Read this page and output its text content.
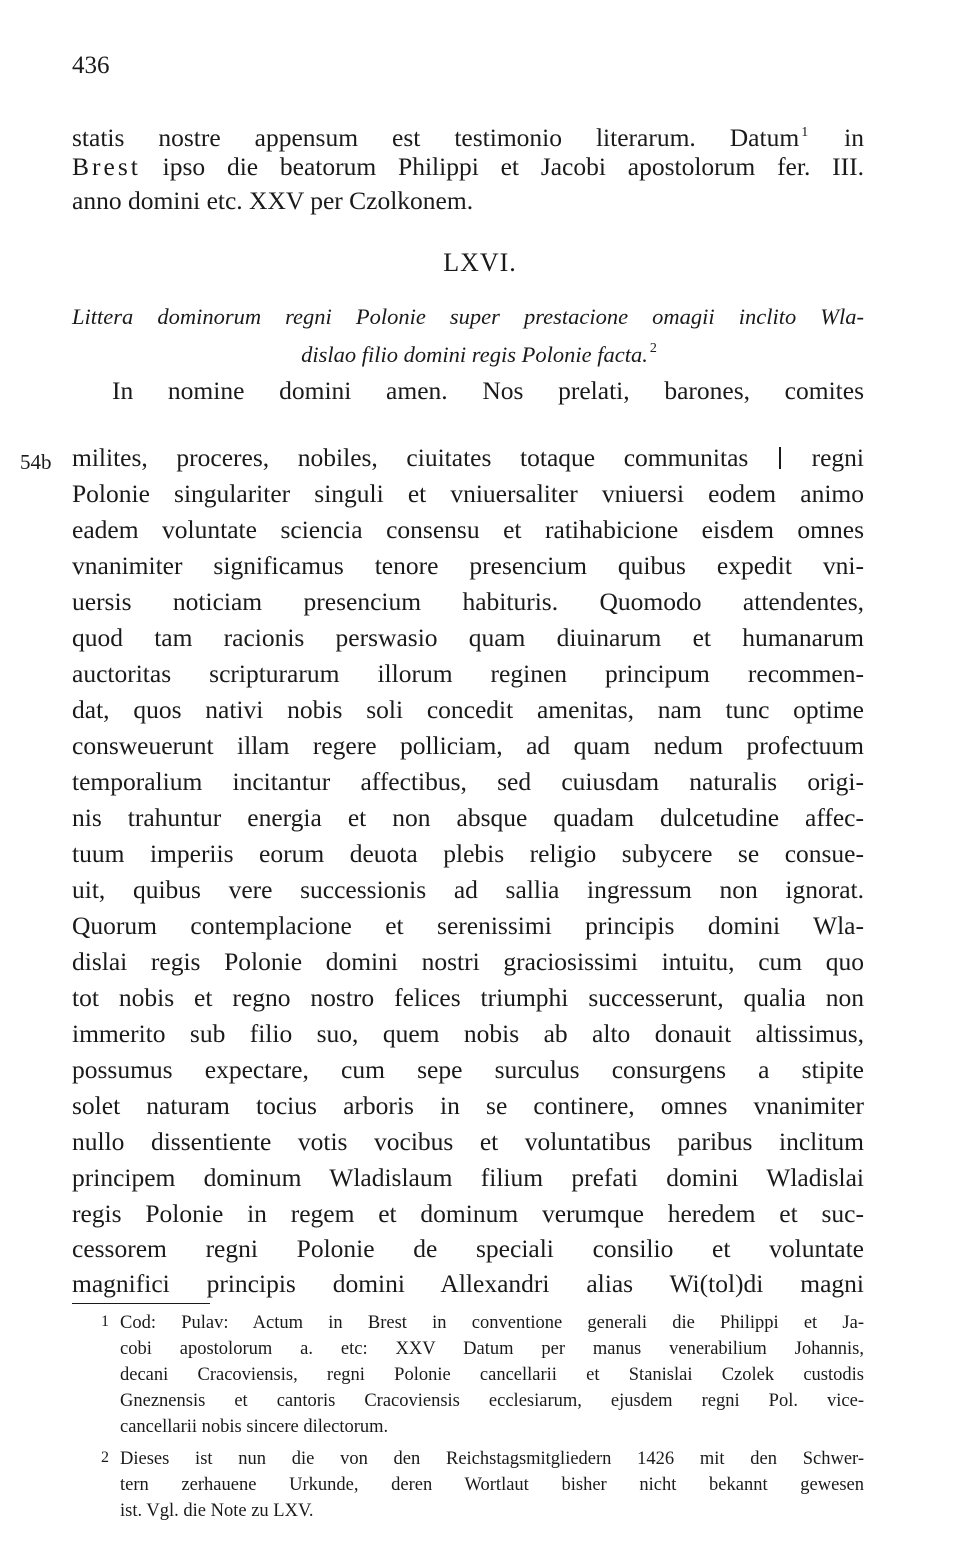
436
statis nostre appensum est testimonio literarum. Datum $^1$ in
Brest ipso die beatorum Philippi et Jacobi apostolorum fer. III.
anno domini etc. XXV per Czolkonem.
LXVI.
Littera dominorum regni Polonie super prestacione omagii inclito Wla-
dislao filio domini regis Polonie facta. $^2$
54b
In nomine domini amen. Nos prelati, barones, comites
milites, proceres, nobiles, ciuitates totaque communitas regni
Polonie singulariter singuli et vniuersaliter vniuersi eodem animo
eadem voluntate sciencia consensu et ratihabicione eisdem omnes
vnanimiter significamus tenore presencium quibus expedit vni-
uersis noticiam presencium habituris. Quomodo attendentes,
quod tam racionis perswasio quam diuinarum et humanarum
auctoritas scripturarum illorum reginen principum recommen-
dat, quos nativi nobis soli concedit amenitas, nam tunc optime
consweuerunt illam regere polliciam, ad quam nedum profectuum
temporalium incitantur affectibus, sed cuiusdam naturalis origi-
nis trahuntur energia et non absque quadam dulcetudine affec-
tuum imperiis eorum deuota plebis religio subycere se consue-
uit, quibus vere successionis ad sallia ingressum non ignorat.
Quorum contemplacione et serenissimi principis domini Wla-
dislai regis Polonie domini nostri graciosissimi intuitu, cum quo
tot nobis et regno nostro felices triumphi successerunt, qualia non
immerito sub filio suo, quem nobis ab alto donauit altissimus,
possumus expectare, cum sepe surculus consurgens a stipite
solet naturam tocius arboris in se continere, omnes vnanimiter
nullo dissentiente votis vocibus et voluntatibus paribus inclitum
principem dominum Wladislaum filium prefati domini Wladislai
regis Polonie in regem et dominum verumque heredem et suc-
cessorem regni Polonie de speciali consilio et voluntate
magnifici principis domini Allexandri alias Wi(tol)di magni
1 Cod: Pulav: Actum in Brest in conventione generali die Philippi et Ja-
cobi apostolorum a. etc: XXV Datum per manus venerabilium Johannis,
decani Cracoviensis, regni Polonie cancellarii et Stanislai Czolek custodis
Gneznensis et cantoris Cracoviensis ecclesiarum, ejusdem regni Pol. vice-
cancellarii nobis sincere dilectorum.
2 Dieses ist nun die von den Reichstagsmitgliedern 1426 mit den Schwer-
tern zerhauene Urkunde, deren Wortlaut bisher nicht bekannt gewesen
ist. Vgl. die Note zu LXV.
